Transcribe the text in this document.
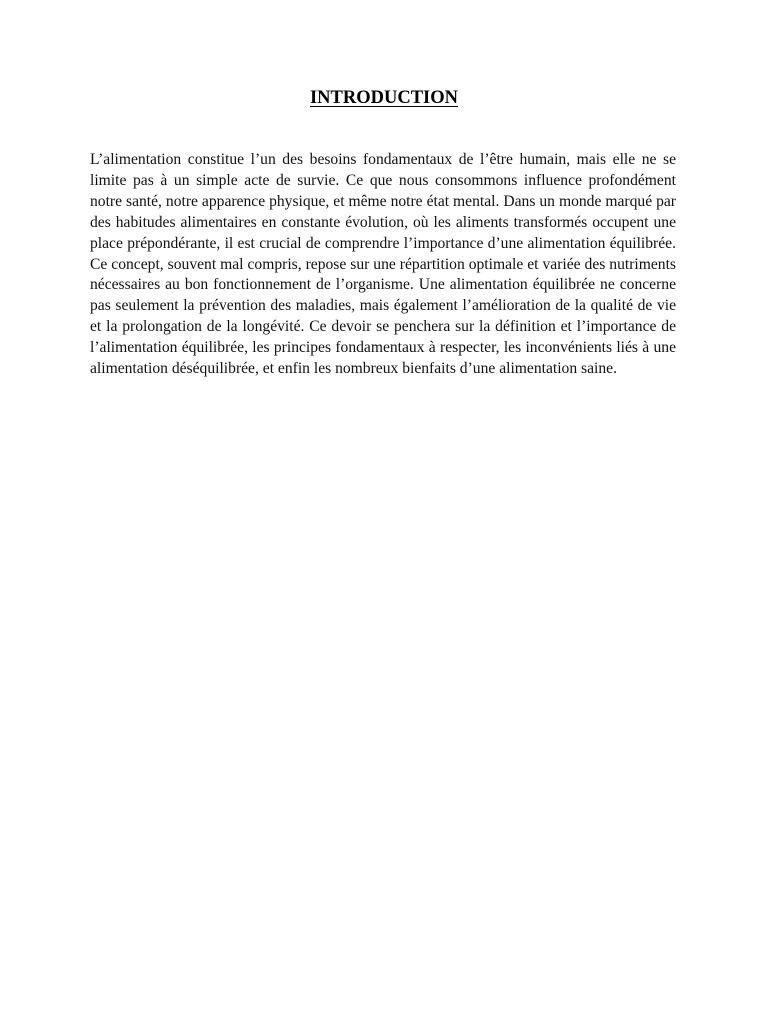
INTRODUCTION

L’alimentation constitue l’un des besoins fondamentaux de l’être humain, mais elle ne se limite pas à un simple acte de survie. Ce que nous consommons influence profondément notre santé, notre apparence physique, et même notre état mental. Dans un monde marqué par des habitudes alimentaires en constante évolution, où les aliments transformés occupent une place prépondérante, il est crucial de comprendre l’importance d’une alimentation équilibrée. Ce concept, souvent mal compris, repose sur une répartition optimale et variée des nutriments nécessaires au bon fonctionnement de l’organisme. Une alimentation équilibrée ne concerne pas seulement la prévention des maladies, mais également l’amélioration de la qualité de vie et la prolongation de la longévité. Ce devoir se penchera sur la définition et l’importance de l’alimentation équilibrée, les principes fondamentaux à respecter, les inconvénients liés à une alimentation déséquilibrée, et enfin les nombreux bienfaits d’une alimentation saine.
